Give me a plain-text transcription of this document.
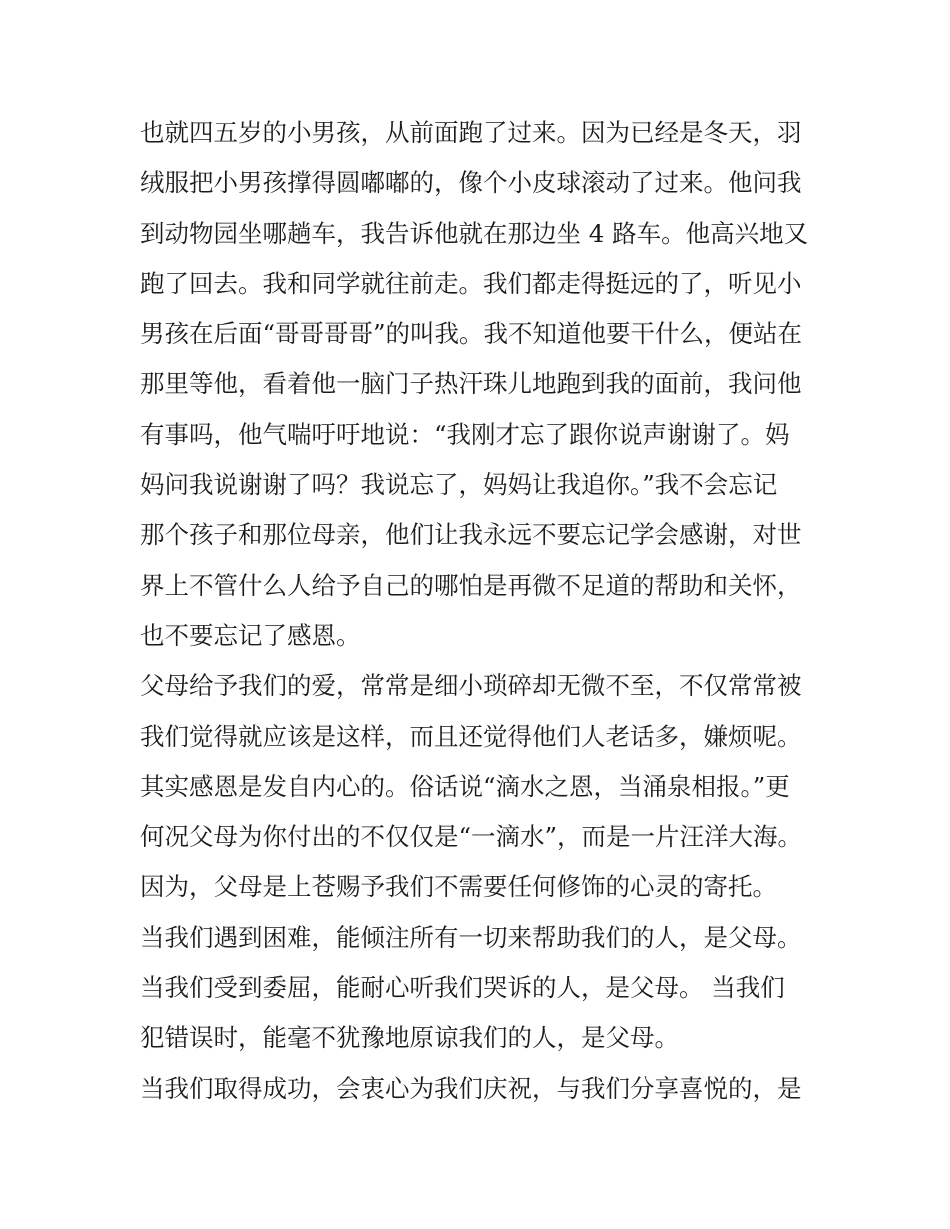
也就四五岁的小男孩，从前面跑了过来。因为已经是冬天，羽
绒服把小男孩撑得圆嘟嘟的，像个小皮球滚动了过来。他问我
到动物园坐哪趟车，我告诉他就在那边坐 4 路车。他高兴地又
跑了回去。我和同学就往前走。我们都走得挺远的了，听见小
男孩在后面“哥哥哥哥”的叫我。我不知道他要干什么，便站在
那里等他，看着他一脑门子热汗珠儿地跑到我的面前，我问他
有事吗，他气喘吁吁地说：“我刚才忘了跟你说声谢谢了。妈
妈问我说谢谢了吗？我说忘了，妈妈让我追你。”我不会忘记
那个孩子和那位母亲，他们让我永远不要忘记学会感谢，对世
界上不管什么人给予自己的哪怕是再微不足道的帮助和关怀，
也不要忘记了感恩。
父母给予我们的爱，常常是细小琐碎却无微不至，不仅常常被
我们觉得就应该是这样，而且还觉得他们人老话多，嫌烦呢。
其实感恩是发自内心的。俗话说“滴水之恩，当涌泉相报。”更
何况父母为你付出的不仅仅是“一滴水”，而是一片汪洋大海。
因为，父母是上苍赐予我们不需要任何修饰的心灵的寄托。
当我们遇到困难，能倾注所有一切来帮助我们的人，是父母。
当我们受到委屈，能耐心听我们哭诉的人，是父母。 当我们
犯错误时，能毫不犹豫地原谅我们的人，是父母。
当我们取得成功，会衷心为我们庆祝，与我们分享喜悦的，是
